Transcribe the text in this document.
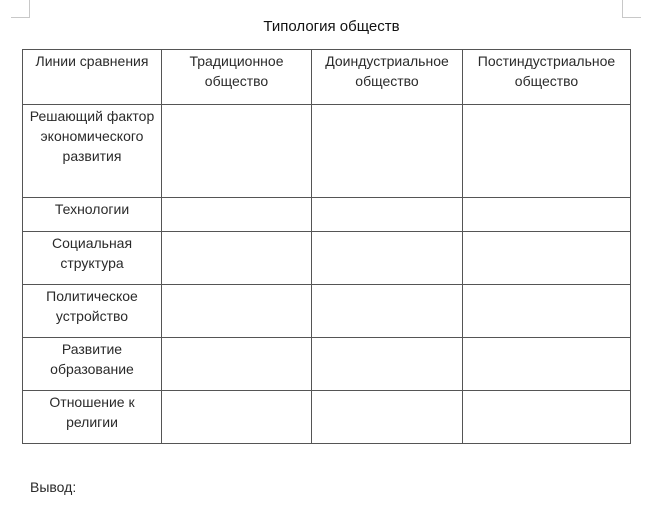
Типология обществ
Линии сравнения	Традиционное общество	Доиндустриальное общество	Постиндустриальное общество
Решающий фактор экономического развития			
Технологии			
Социальная структура			
Политическое устройство			
Развитие образование			
Отношение к религии			
Вывод:
